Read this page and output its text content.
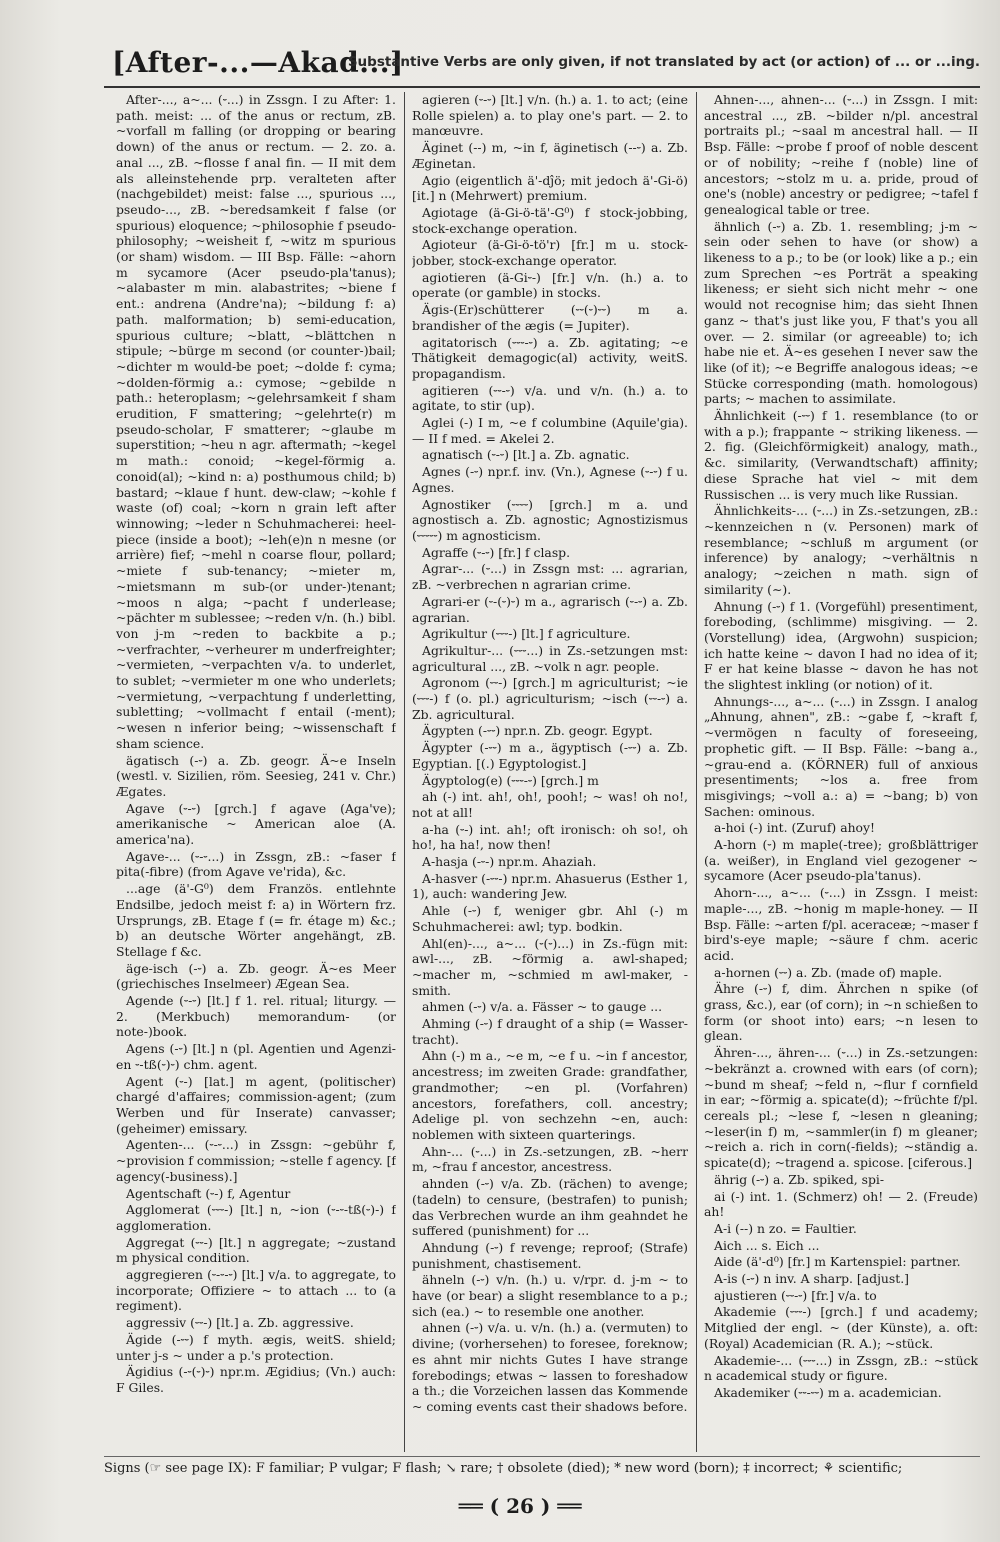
[After-...—Akad...]
Substantive Verbs are only given, if not translated by act (or action) of ... or ...ing.

After-..., a~... (⏑...) in Zssgn. I zu After: 1. path. meist: ... of the anus or rectum, zB. ~vorfall m falling (or dropping or bearing down) of the anus or rectum. — 2. zo. a. anal ..., zB. ~flosse f anal fin. — II mit dem als alleinstehende prp. veralteten after (nachgebildet) meist: false ..., spurious ..., pseudo-..., zB. ~beredsamkeit f false (or spurious) eloquence; ~philosophie f pseudo-philosophy; ~weisheit f, ~witz m spurious (or sham) wisdom. — III Bsp. Fälle: ~ahorn m sycamore (Acer pseudo-pla'tanus); ~alabaster m min. alabastrites; ~biene f ent.: andrena (Andre'na); ~bildung f: a) path. malformation; b) semi-education, spurious culture; ~blatt, ~blättchen n stipule; ~bürge m second (or counter-)bail; ~dichter m would-be poet; ~dolde f: cyma; ~dolden-förmig a.: cymose; ~gebilde n path.: heteroplasm; ~gelehrsamkeit f sham erudition, F smattering; ~gelehrte(r) m pseudo-scholar, F smatterer; ~glaube m superstition; ~heu n agr. aftermath; ~kegel m math.: conoid; ~kegel-förmig a. conoid(al); ~kind n: a) posthumous child; b) bastard; ~klaue f hunt. dew-claw; ~kohle f waste (of) coal; ~korn n grain left after winnowing; ~leder n Schuhmacherei: heel-piece (inside a boot); ~leh(e)n n mesne (or arrière) fief; ~mehl n coarse flour, pollard; ~miete f sub-tenancy; ~mieter m, ~mietsmann m sub-(or under-)tenant; ~moos n alga; ~pacht f underlease; ~pächter m sublessee; ~reden v/n. (h.) bibl. von j-m ~reden to backbite a p.; ~verfrachter, ~verheurer m underfreighter; ~vermieten, ~verpachten v/a. to underlet, to sublet; ~vermieter m one who underlets; ~vermietung, ~verpachtung f underletting, subletting; ~vollmacht f entail (-ment); ~wesen n inferior being; ~wissenschaft f sham science.

ägatisch (-⏑) a. Zb. geogr. Ä~e Inseln (westl. v. Sizilien, röm. Seesieg, 241 v. Chr.) Ægates.

Agave (⏑-⏑) [grch.] f agave (Aga've); amerikanische ~ American aloe (A. america'na).

Agave-... (⏑-⏑...) in Zssgn, zB.: ~faser f pita(-fibre) (from Agave ve'rida), &c.

...age (ä'-G⁰) dem Französ. entlehnte Endsilbe, jedoch meist f: a) in Wörtern frz. Ursprungs, zB. Etage f (= fr. étage m) &c.; b) an deutsche Wörter angehängt, zB. Stellage f &c.

äge-isch (-⏑) a. Zb. geogr. Ä~es Meer (griechisches Inselmeer) Ægean Sea.

Agende (⏑-⏑) [lt.] f 1. rel. ritual; liturgy. — 2. (Merkbuch) memorandum- (or note-)book.

Agens (-⏑) [lt.] n (pl. Agentien und Agenzi-en ⏑-tß(⏑)⏑) chm. agent.

Agent (⏑-) [lat.] m agent, (politischer) chargé d'affaires; commission-agent; (zum Werben und für Inserate) canvasser; (geheimer) emissary.

Agenten-... (⏑-⏑...) in Zssgn: ~gebühr f, ~provision f commission; ~stelle f agency. [f agency(-business).]

Agentschaft (⏑-) f, Agentur

Agglomerat (⏑⏑⏑-) [lt.] n, ~ion (⏑-⏑-tß(⏑)-) f agglomeration.

Aggregat (⏑⏑-) [lt.] n aggregate; ~zustand m physical condition.

aggregieren (⏑-⏑-⏑) [lt.] v/a. to aggregate, to incorporate; Offiziere ~ to attach ... to (a regiment).

aggressiv (⏑⏑-) [lt.] a. Zb. aggressive.

Ägide (-⏑⏑) f myth. ægis, weitS. shield; unter j-s ~ under a p.'s protection.

Ägidius (-⏑(⏑)⏑) npr.m. Ægidius; (Vn.) auch: F Giles.

agieren (⏑-⏑) [lt.] v/n. (h.) a. 1. to act; (eine Rolle spielen) a. to play one's part. — 2. to manœuvre.

Äginet (--) m, ~in f, äginetisch (--⏑) a. Zb. Æginetan.

Agio (eigentlich ä'-dĵö; mit jedoch ä'-Gi-ö) [it.] n (Mehrwert) premium.

Agiotage (ä-Gi-ö-tä'-G⁰) f stock-jobbing, stock-exchange operation.

Agioteur (ä-Gi-ö-tö'r) [fr.] m u. stock-jobber, stock-exchange operator.

agiotieren (ä-Gi⏑-) [fr.] v/n. (h.) a. to operate (or gamble) in stocks.

Ägis-(Er)schütterer (⏑⏑(⏑)⏑⏑) m a. brandisher of the ægis (= Jupiter).

agitatorisch (⏑⏑⏑-⏑) a. Zb. agitating; ~e Thätigkeit demagogic(al) activity, weitS. propagandism.

agitieren (⏑⏑-⏑) v/a. und v/n. (h.) a. to agitate, to stir (up).

Aglei (-) I m, ~e f columbine (Aquile'gia). — II f med. = Akelei 2.

agnatisch (⏑-⏑) [lt.] a. Zb. agnatic.

Agnes (-⏑) npr.f. inv. (Vn.), Agnese (⏑-⏑) f u. Agnes.

Agnostiker (⏑⏑⏑⏑) [grch.] m a. und agnostisch a. Zb. agnostic; Agnostizismus (⏑⏑⏑⏑⏑) m agnosticism.

Agraffe (⏑-⏑) [fr.] f clasp.

Agrar-... (⏑...) in Zssgn mst: ... agrarian, zB. ~verbrechen n agrarian crime.

Agrari-er (⏑-(⏑)⏑) m a., agrarisch (⏑-⏑) a. Zb. agrarian.

Agrikultur (⏑⏑⏑-) [lt.] f agriculture.

Agrikultur-... (⏑⏑⏑...) in Zs.-setzungen mst: agricultural ..., zB. ~volk n agr. people.

Agronom (⏑⏑-) [grch.] m agriculturist; ~ie (⏑⏑⏑-) f (o. pl.) agriculturism; ~isch (⏑⏑-⏑) a. Zb. agricultural.

Ägypten (-⏑⏑) npr.n. Zb. geogr. Egypt.

Ägypter (-⏑⏑) m a., ägyptisch (-⏑⏑) a. Zb. Egyptian. [(.) Egyptologist.]

Ägyptolog(e) (⏑⏑⏑-⏑) [grch.] m

ah (-) int. ah!, oh!, pooh!; ~ was! oh no!, not at all!

a-ha (⏑-) int. ah!; oft ironisch: oh so!, oh ho!, ha ha!, now then!

A-hasja (-⏑-) npr.m. Ahaziah.

A-hasver (-⏑⏑-) npr.m. Ahasuerus (Esther 1, 1), auch: wandering Jew.

Ahle (-⏑) f, weniger gbr. Ahl (-) m Schuhmacherei: awl; typ. bodkin.

Ahl(en)-..., a~... (⏑(⏑)...) in Zs.-fügn mit: awl-..., zB. ~förmig a. awl-shaped; ~macher m, ~schmied m awl-maker, -smith.

ahmen (-⏑) v/a. a. Fässer ~ to gauge ...

Ahming (-⏑) f draught of a ship (= Wasser-tracht).

Ahn (-) m a., ~e m, ~e f u. ~in f ancestor, ancestress; im zweiten Grade: grandfather, grandmother; ~en pl. (Vorfahren) ancestors, forefathers, coll. ancestry; Adelige pl. von sechzehn ~en, auch: noblemen with sixteen quarterings.

Ahn-... (⏑...) in Zs.-setzungen, zB. ~herr m, ~frau f ancestor, ancestress.

ahnden (-⏑) v/a. Zb. (rächen) to avenge; (tadeln) to censure, (bestrafen) to punish; das Verbrechen wurde an ihm geahndet he suffered (punishment) for ...

Ahndung (-⏑) f revenge; reproof; (Strafe) punishment, chastisement.

ähneln (-⏑) v/n. (h.) u. v/rpr. d. j-m ~ to have (or bear) a slight resemblance to a p.; sich (ea.) ~ to resemble one another.

ahnen (-⏑) v/a. u. v/n. (h.) a. (vermuten) to divine; (vorhersehen) to foresee, foreknow; es ahnt mir nichts Gutes I have strange forebodings; etwas ~ lassen to foreshadow a th.; die Vorzeichen lassen das Kommende ~ coming events cast their shadows before.

Ahnen-..., ahnen-... (⏑...) in Zssgn. I mit: ancestral ..., zB. ~bilder n/pl. ancestral portraits pl.; ~saal m ancestral hall. — II Bsp. Fälle: ~probe f proof of noble descent or of nobility; ~reihe f (noble) line of ancestors; ~stolz m u. a. pride, proud of one's (noble) ancestry or pedigree; ~tafel f genealogical table or tree.

ähnlich (-⏑) a. Zb. 1. resembling; j-m ~ sein oder sehen to have (or show) a likeness to a p.; to be (or look) like a p.; ein zum Sprechen ~es Porträt a speaking likeness; er sieht sich nicht mehr ~ one would not recognise him; das sieht Ihnen ganz ~ that's just like you, F that's you all over. — 2. similar (or agreeable) to; ich habe nie et. Ä~es gesehen I never saw the like (of it); ~e Begriffe analogous ideas; ~e Stücke corresponding (math. homologous) parts; ~ machen to assimilate.

Ähnlichkeit (-⏑⏑) f 1. resemblance (to or with a p.); frappante ~ striking likeness. — 2. fig. (Gleichförmigkeit) analogy, math., &c. similarity, (Verwandtschaft) affinity; diese Sprache hat viel ~ mit dem Russischen ... is very much like Russian.

Ähnlichkeits-... (⏑...) in Zs.-setzungen, zB.: ~kennzeichen n (v. Personen) mark of resemblance; ~schluß m argument (or inference) by analogy; ~verhältnis n analogy; ~zeichen n math. sign of similarity (∼).

Ahnung (-⏑) f 1. (Vorgefühl) presentiment, foreboding, (schlimme) misgiving. — 2. (Vorstellung) idea, (Argwohn) suspicion; ich hatte keine ~ davon I had no idea of it; F er hat keine blasse ~ davon he has not the slightest inkling (or notion) of it.

Ahnungs-..., a~... (⏑...) in Zssgn. I analog „Ahnung, ahnen", zB.: ~gabe f, ~kraft f, ~vermögen n faculty of foreseeing, prophetic gift. — II Bsp. Fälle: ~bang a., ~grau-end a. (KÖRNER) full of anxious presentiments; ~los a. free from misgivings; ~voll a.: a) = ~bang; b) von Sachen: ominous.

a-hoi (-) int. (Zuruf) ahoy!

A-horn (⏑) m maple(-tree); großblättriger (a. weißer), in England viel gezogener ~ sycamore (Acer pseudo-pla'tanus).

Ahorn-..., a~... (⏑...) in Zssgn. I meist: maple-..., zB. ~honig m maple-honey. — II Bsp. Fälle: ~arten f/pl. aceraceæ; ~maser f bird's-eye maple; ~säure f chm. aceric acid.

a-hornen (⏑⏑) a. Zb. (made of) maple.

Ähre (-⏑) f, dim. Ährchen n spike (of grass, &c.), ear (of corn); in ~n schießen to form (or shoot into) ears; ~n lesen to glean.

Ähren-..., ähren-... (⏑...) in Zs.-setzungen: ~bekränzt a. crowned with ears (of corn); ~bund m sheaf; ~feld n, ~flur f cornfield in ear; ~förmig a. spicate(d); ~früchte f/pl. cereals pl.; ~lese f, ~lesen n gleaning; ~leser(in f) m, ~sammler(in f) m gleaner; ~reich a. rich in corn(-fields); ~ständig a. spicate(d); ~tragend a. spicose. [ciferous.]

ährig (-⏑) a. Zb. spiked, spi-

ai (-) int. 1. (Schmerz) oh! — 2. (Freude) ah!

A-i (--) n zo. = Faultier.

Aich ... s. Eich ...

Aide (ä'-d⁰) [fr.] m Kartenspiel: partner.

A-is (-⏑) n inv. A sharp. [adjust.]

ajustieren (⏑⏑-⏑) [fr.] v/a. to

Akademie (⏑⏑⏑-) [grch.] f und academy; Mitglied der engl. ~ (der Künste), a. oft: (Royal) Academician (R. A.); ~stück.

Akademie-... (⏑⏑⏑...) in Zssgn, zB.: ~stück n academical study or figure.

Akademiker (⏑⏑-⏑⏑) m a. academician.

Signs (☞ see page IX): F familiar; P vulgar; F flash; ↘ rare; † obsolete (died); * new word (born); ‡ incorrect; ⚘ scientific;
══ ( 26 ) ══
